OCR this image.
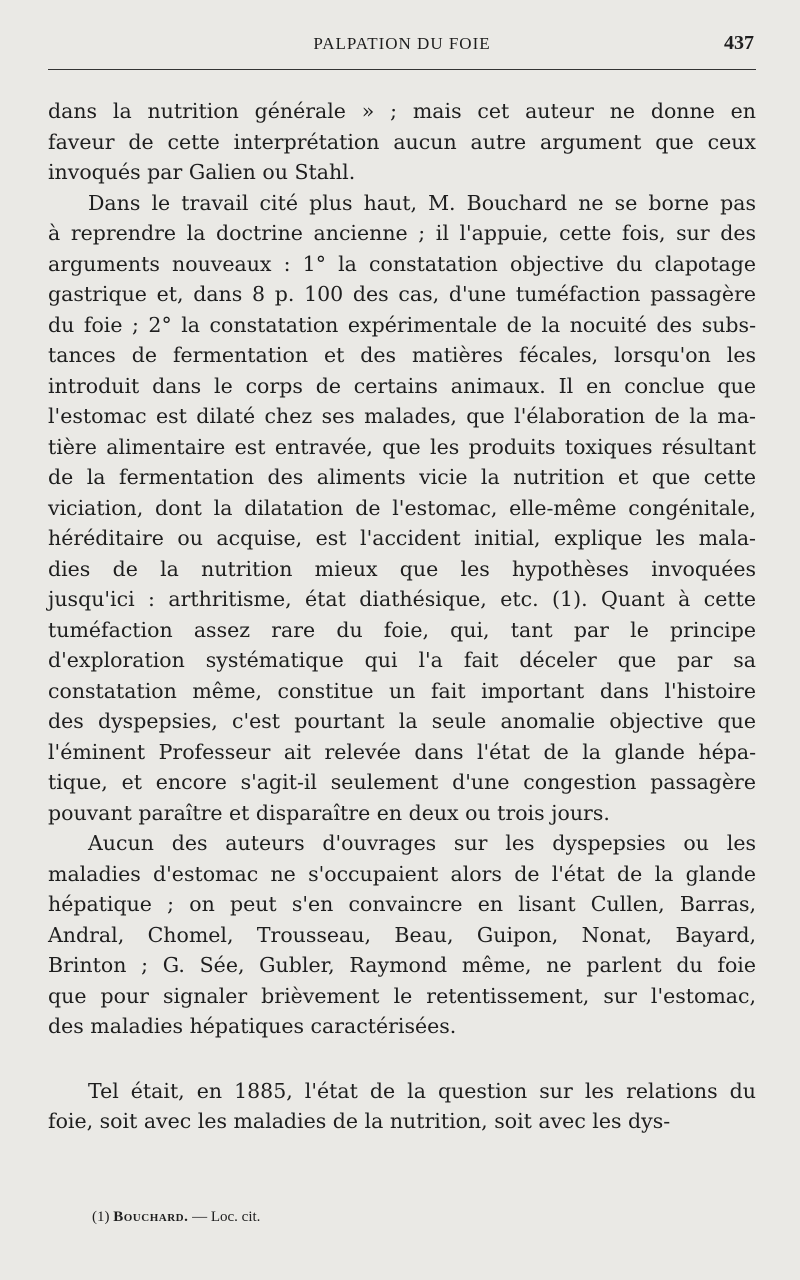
PALPATION DU FOIE	437
dans la nutrition générale » ; mais cet auteur ne donne en
faveur de cette interprétation aucun autre argument que ceux
invoqués par Galien ou Stahl.
Dans le travail cité plus haut, M. Bouchard ne se borne pas
à reprendre la doctrine ancienne ; il l'appuie, cette fois, sur des
arguments nouveaux : 1° la constatation objective du clapotage
gastrique et, dans 8 p. 100 des cas, d'une tuméfaction passagère
du foie ; 2° la constatation expérimentale de la nocuité des subs-
tances de fermentation et des matières fécales, lorsqu'on les
introduit dans le corps de certains animaux. Il en conclue que
l'estomac est dilaté chez ses malades, que l'élaboration de la ma-
tière alimentaire est entravée, que les produits toxiques résultant
de la fermentation des aliments vicie la nutrition et que cette
viciation, dont la dilatation de l'estomac, elle-même congénitale,
héréditaire ou acquise, est l'accident initial, explique les mala-
dies de la nutrition mieux que les hypothèses invoquées
jusqu'ici : arthritisme, état diathésique, etc. (1). Quant à cette
tuméfaction assez rare du foie, qui, tant par le principe
d'exploration systématique qui l'a fait déceler que par sa
constatation même, constitue un fait important dans l'histoire
des dyspepsies, c'est pourtant la seule anomalie objective que
l'éminent Professeur ait relevée dans l'état de la glande hépa-
tique, et encore s'agit-il seulement d'une congestion passagère
pouvant paraître et disparaître en deux ou trois jours.
Aucun des auteurs d'ouvrages sur les dyspepsies ou les
maladies d'estomac ne s'occupaient alors de l'état de la glande
hépatique ; on peut s'en convaincre en lisant Cullen, Barras,
Andral, Chomel, Trousseau, Beau, Guipon, Nonat, Bayard,
Brinton ; G. Sée, Gubler, Raymond même, ne parlent du foie
que pour signaler brièvement le retentissement, sur l'estomac,
des maladies hépatiques caractérisées.
Tel était, en 1885, l'état de la question sur les relations du
foie, soit avec les maladies de la nutrition, soit avec les dys-
(1) Bouchard. — Loc. cit.
